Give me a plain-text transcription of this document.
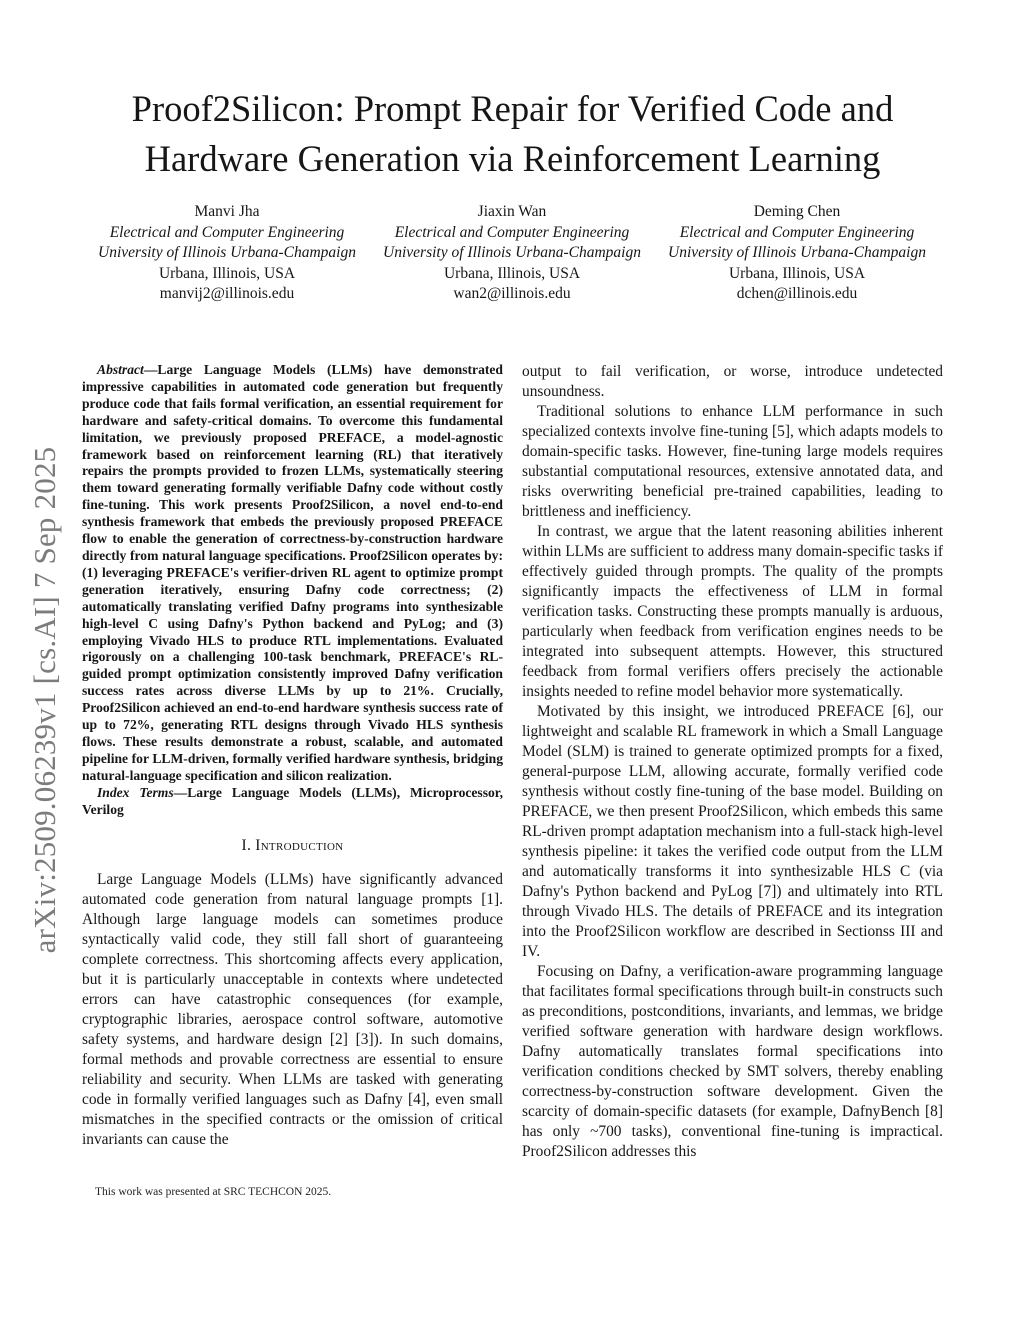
arXiv:2509.06239v1 [cs.AI] 7 Sep 2025
Proof2Silicon: Prompt Repair for Verified Code and
Hardware Generation via Reinforcement Learning
Manvi Jha
Electrical and Computer Engineering
University of Illinois Urbana-Champaign
Urbana, Illinois, USA
manvij2@illinois.edu
Jiaxin Wan
Electrical and Computer Engineering
University of Illinois Urbana-Champaign
Urbana, Illinois, USA
wan2@illinois.edu
Deming Chen
Electrical and Computer Engineering
University of Illinois Urbana-Champaign
Urbana, Illinois, USA
dchen@illinois.edu

Abstract—Large Language Models (LLMs) have demonstrated impressive capabilities in automated code generation but frequently produce code that fails formal verification, an essential requirement for hardware and safety-critical domains. To overcome this fundamental limitation, we previously proposed PREFACE, a model-agnostic framework based on reinforcement learning (RL) that iteratively repairs the prompts provided to frozen LLMs, systematically steering them toward generating formally verifiable Dafny code without costly fine-tuning. This work presents Proof2Silicon, a novel end-to-end synthesis framework that embeds the previously proposed PREFACE flow to enable the generation of correctness-by-construction hardware directly from natural language specifications. Proof2Silicon operates by: (1) leveraging PREFACE's verifier-driven RL agent to optimize prompt generation iteratively, ensuring Dafny code correctness; (2) automatically translating verified Dafny programs into synthesizable high-level C using Dafny's Python backend and PyLog; and (3) employing Vivado HLS to produce RTL implementations. Evaluated rigorously on a challenging 100-task benchmark, PREFACE's RL-guided prompt optimization consistently improved Dafny verification success rates across diverse LLMs by up to 21%. Crucially, Proof2Silicon achieved an end-to-end hardware synthesis success rate of up to 72%, generating RTL designs through Vivado HLS synthesis flows. These results demonstrate a robust, scalable, and automated pipeline for LLM-driven, formally verified hardware synthesis, bridging natural-language specification and silicon realization.

Index Terms—Large Language Models (LLMs), Microprocessor, Verilog

I. Introduction

Large Language Models (LLMs) have significantly advanced automated code generation from natural language prompts [1]. Although large language models can sometimes produce syntactically valid code, they still fall short of guaranteeing complete correctness. This shortcoming affects every application, but it is particularly unacceptable in contexts where undetected errors can have catastrophic consequences (for example, cryptographic libraries, aerospace control software, automotive safety systems, and hardware design [2] [3]). In such domains, formal methods and provable correctness are essential to ensure reliability and security. When LLMs are tasked with generating code in formally verified languages such as Dafny [4], even small mismatches in the specified contracts or the omission of critical invariants can cause the

output to fail verification, or worse, introduce undetected unsoundness.

Traditional solutions to enhance LLM performance in such specialized contexts involve fine-tuning [5], which adapts models to domain-specific tasks. However, fine-tuning large models requires substantial computational resources, extensive annotated data, and risks overwriting beneficial pre-trained capabilities, leading to brittleness and inefficiency.

In contrast, we argue that the latent reasoning abilities inherent within LLMs are sufficient to address many domain-specific tasks if effectively guided through prompts. The quality of the prompts significantly impacts the effectiveness of LLM in formal verification tasks. Constructing these prompts manually is arduous, particularly when feedback from verification engines needs to be integrated into subsequent attempts. However, this structured feedback from formal verifiers offers precisely the actionable insights needed to refine model behavior more systematically.

Motivated by this insight, we introduced PREFACE [6], our lightweight and scalable RL framework in which a Small Language Model (SLM) is trained to generate optimized prompts for a fixed, general-purpose LLM, allowing accurate, formally verified code synthesis without costly fine-tuning of the base model. Building on PREFACE, we then present Proof2Silicon, which embeds this same RL-driven prompt adaptation mechanism into a full-stack high-level synthesis pipeline: it takes the verified code output from the LLM and automatically transforms it into synthesizable HLS C (via Dafny's Python backend and PyLog [7]) and ultimately into RTL through Vivado HLS. The details of PREFACE and its integration into the Proof2Silicon workflow are described in Sectionss III and IV.

Focusing on Dafny, a verification-aware programming language that facilitates formal specifications through built-in constructs such as preconditions, postconditions, invariants, and lemmas, we bridge verified software generation with hardware design workflows. Dafny automatically translates formal specifications into verification conditions checked by SMT solvers, thereby enabling correctness-by-construction software development. Given the scarcity of domain-specific datasets (for example, DafnyBench [8] has only ~700 tasks), conventional fine-tuning is impractical. Proof2Silicon addresses this

This work was presented at SRC TECHCON 2025.
